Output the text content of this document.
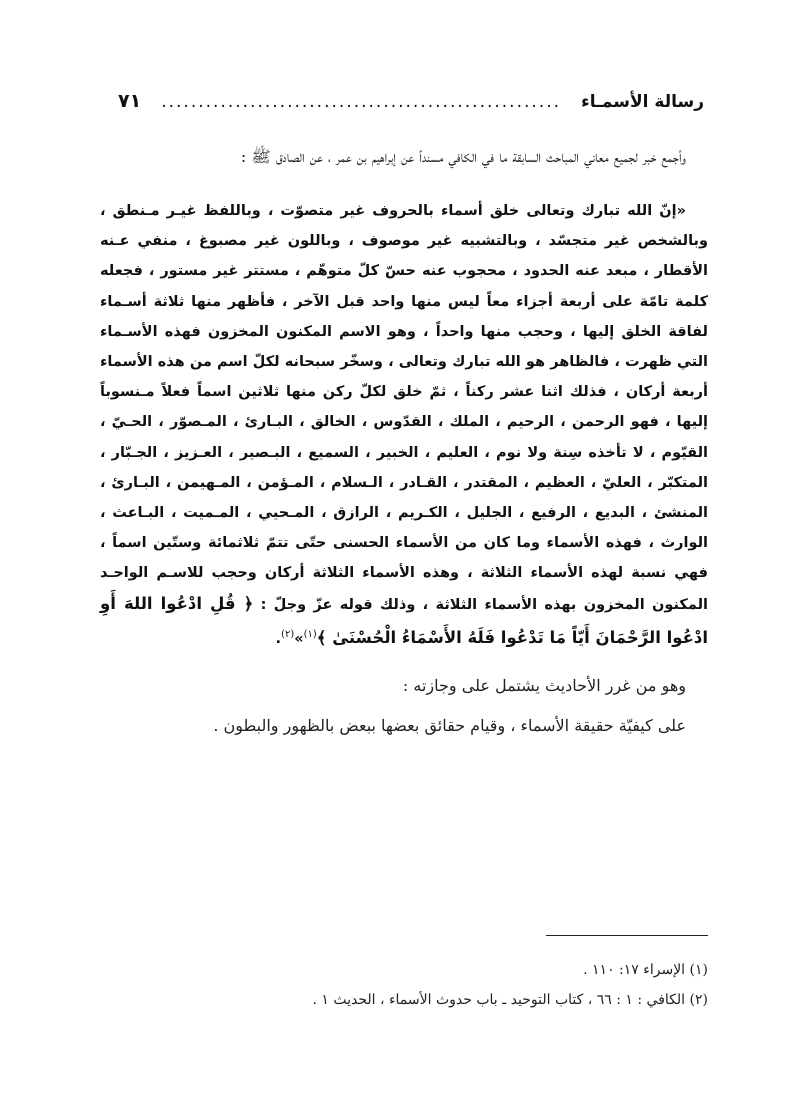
رسالة الأسمـاء
......................................................
٧١

وأجمع خبر لجميع معاني المباحث السابقة ما في الكافي مسنداً عن إبراهيم بن عمر ، عن الصادق ﷺ :

«إنّ الله تبارك وتعالى خلق أسماء بالحروف غير متصوّت ، وباللفظ غيـر مـنطق ، وبالشخص غير متجسّد ، وبالتشبيه غير موصوف ، وباللون غير مصبوغ ، منفي عـنه الأقطار ، مبعد عنه الحدود ، محجوب عنه حسّ كلّ متوهّم ، مستتر غير مستور ، فجعله كلمة تامّة على أربعة أجزاء معاً ليس منها واحد قبل الآخر ، فأظهر منها ثلاثة أسـماء لفاقة الخلق إليها ، وحجب منها واحداً ، وهو الاسم المكنون المخزون فهذه الأسـماء التي ظهرت ، فالظاهر هو الله تبارك وتعالى ، وسخّر سبحانه لكلّ اسم من هذه الأسماء أربعة أركان ، فذلك اثنا عشر ركناً ، ثمّ خلق لكلّ ركن منها ثلاثين اسماً فعلاً مـنسوباً إليها ، فهو الرحمن ، الرحيم ، الملك ، القدّوس ، الخالق ، البـارئ ، المـصوّر ، الحـيّ ، القيّوم ، لا تأخذه سِنة ولا نوم ، العليم ، الخبير ، السميع ، البـصير ، العـزيز ، الجـبّار ، المتكبّر ، العليّ ، العظيم ، المقتدر ، القـادر ، الـسلام ، المـؤمن ، المـهيمن ، البـارئ ، المنشئ ، البديع ، الرفيع ، الجليل ، الكـريم ، الرازق ، المـحيي ، المـميت ، البـاعث ، الوارث ، فهذه الأسماء وما كان من الأسماء الحسنى حتّى تتمّ ثلاثمائة وستّين اسماً ، فهي نسبة لهذه الأسماء الثلاثة ، وهذه الأسماء الثلاثة أركان وحجب للاسـم الواحـد المكنون المخزون بهذه الأسماء الثلاثة ، وذلك قوله عزّ وجلّ : ﴿ قُلِ ادْعُوا اللهَ أَوِ ادْعُوا الرَّحْمَانَ أَيّاً مَا تَدْعُوا فَلَهُ الأَسْمَاءُ الْحُسْنَىٰ ﴾$^{(١)}$»$^{(٢)}$.

وهو من غرر الأحاديث يشتمل على وجازته :

على كيفيّة حقيقة الأسماء ، وقيام حقائق بعضها ببعض بالظهور والبطون .

(١) الإسراء ١٧: ١١٠ .
(٢) الكافي : ١ : ٦٦ ، كتاب التوحيد ـ باب حدوث الأسماء ، الحديث ١ .
